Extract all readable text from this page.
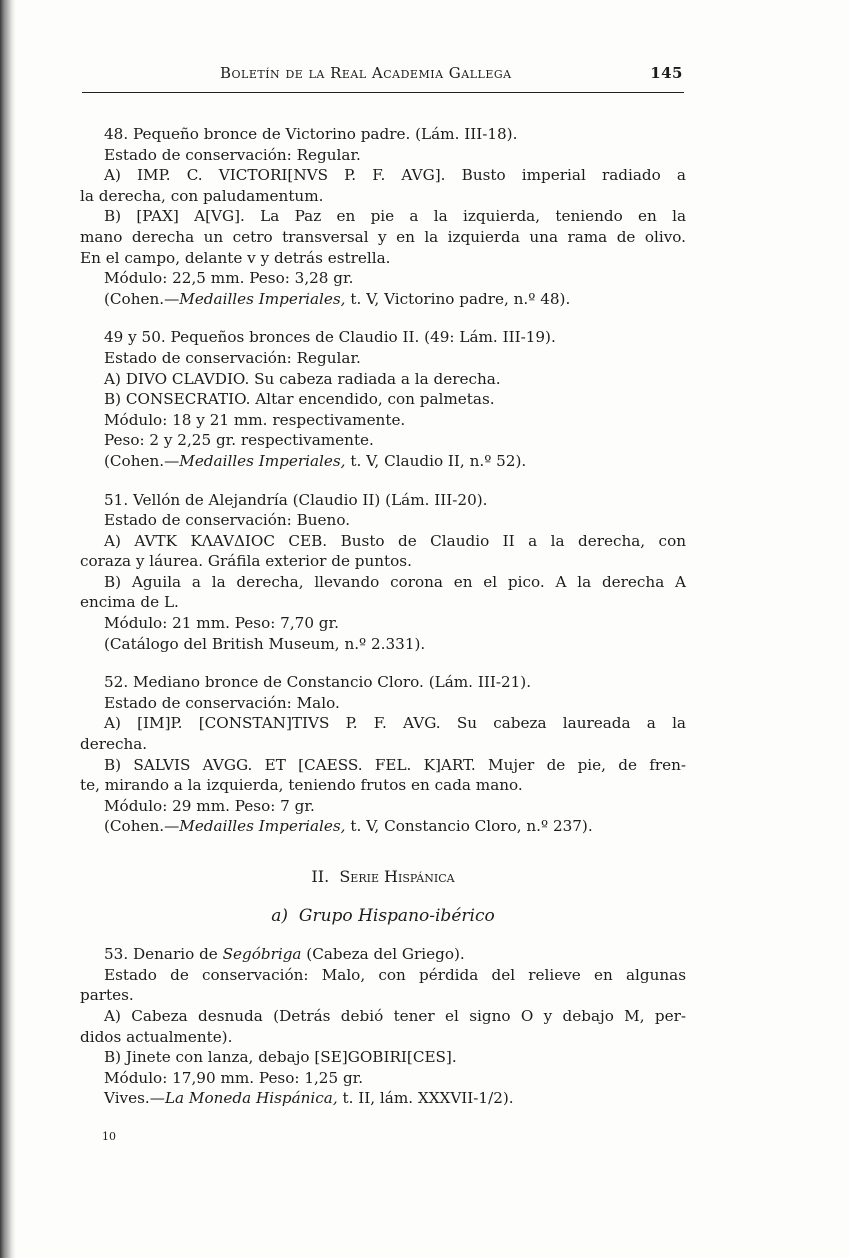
Boletín de la Real Academia Gallega	145

48. Pequeño bronce de Victorino padre. (Lám. III-18).

Estado de conservación: Regular.

A) IMP. C. VICTORI[NVS P. F. AVG]. Busto imperial radiado a

la derecha, con paludamentum.

B) [PAX] A[VG]. La Paz en pie a la izquierda, teniendo en la

mano derecha un cetro transversal y en la izquierda una rama de olivo.

En el campo, delante v y detrás estrella.

Módulo: 22,5 mm. Peso: 3,28 gr.

(Cohen.—Medailles Imperiales, t. V, Victorino padre, n.º 48).

49 y 50. Pequeños bronces de Claudio II. (49: Lám. III-19).

Estado de conservación: Regular.

A) DIVO CLAVDIO. Su cabeza radiada a la derecha.

B) CONSECRATIO. Altar encendido, con palmetas.

Módulo: 18 y 21 mm. respectivamente.

Peso: 2 y 2,25 gr. respectivamente.

(Cohen.—Medailles Imperiales, t. V, Claudio II, n.º 52).

51. Vellón de Alejandría (Claudio II) (Lám. III-20).

Estado de conservación: Bueno.

A) AVTK KΛAVΔIOC CEB. Busto de Claudio II a la derecha, con

coraza y láurea. Gráfila exterior de puntos.

B) Aguila a la derecha, llevando corona en el pico. A la derecha A

encima de L.

Módulo: 21 mm. Peso: 7,70 gr.

(Catálogo del British Museum, n.º 2.331).

52. Mediano bronce de Constancio Cloro. (Lám. III-21).

Estado de conservación: Malo.

A) [IM]P. [CONSTAN]TIVS P. F. AVG. Su cabeza laureada a la

derecha.

B) SALVIS AVGG. ET [CAESS. FEL. K]ART. Mujer de pie, de fren-

te, mirando a la izquierda, teniendo frutos en cada mano.

Módulo: 29 mm. Peso: 7 gr.

(Cohen.—Medailles Imperiales, t. V, Constancio Cloro, n.º 237).

II. Serie Hispánica

a) Grupo Hispano-ibérico

53. Denario de Segóbriga (Cabeza del Griego).

Estado de conservación: Malo, con pérdida del relieve en algunas

partes.

A) Cabeza desnuda (Detrás debió tener el signo O y debajo M, per-

didos actualmente).

B) Jinete con lanza, debajo [SE]GOBIRI[CES].

Módulo: 17,90 mm. Peso: 1,25 gr.

Vives.—La Moneda Hispánica, t. II, lám. XXXVII-1/2).

10
